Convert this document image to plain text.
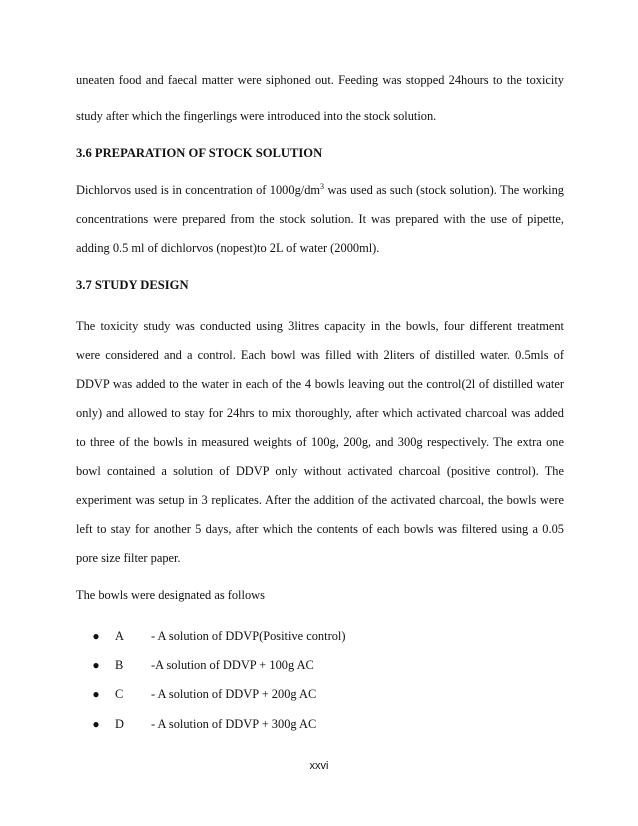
uneaten food and faecal matter were siphoned out. Feeding was stopped 24hours to the toxicity
study after which the fingerlings were introduced into the stock solution.
3.6 PREPARATION OF STOCK SOLUTION
Dichlorvos used is in concentration of $1000g/dm^3$ was used as such (stock solution). The working
concentrations were prepared from the stock solution. It was prepared with the use of pipette,
adding 0.5 ml of dichlorvos (nopest)to 2L of water (2000ml).
3.7 STUDY DESIGN
The toxicity study was conducted using 3litres capacity in the bowls, four different treatment
were considered and a control. Each bowl was filled with 2liters of distilled water. 0.5mls of
DDVP was added to the water in each of the 4 bowls leaving out the control(2l of distilled water
only) and allowed to stay for 24hrs to mix thoroughly, after which activated charcoal was added
to three of the bowls in measured weights of 100g, 200g, and 300g respectively. The extra one
bowl contained a solution of DDVP only without activated charcoal (positive control). The
experiment was setup in 3 replicates. After the addition of the activated charcoal, the bowls were
left to stay for another 5 days, after which the contents of each bowls was filtered using a 0.05
pore size filter paper.
The bowls were designated as follows
● A - A solution of DDVP(Positive control)
● B -A solution of DDVP + 100g AC
● C - A solution of DDVP + 200g AC
● D - A solution of DDVP + 300g AC
xxvi
